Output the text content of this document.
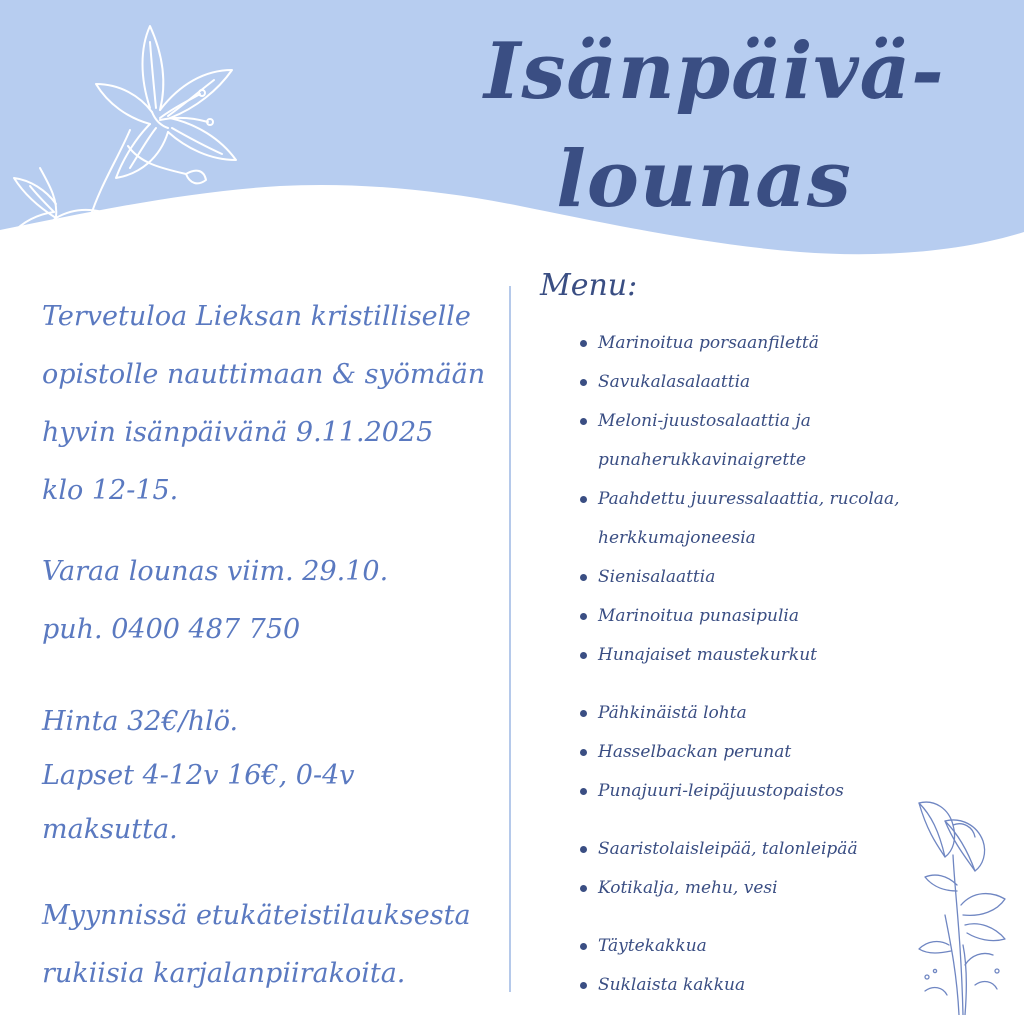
Isänpäivä-
lounas

Tervetuloa Lieksan kristilliselle
opistolle nauttimaan & syömään
hyvin isänpäivänä 9.11.2025
klo 12-15.

Varaa lounas viim. 29.10.
puh. 0400 487 750

Hinta 32€/hlö.
Lapset 4-12v 16€, 0-4v maksutta.

Myynnissä etukäteistilauksesta
rukiisia karjalanpiirakoita.

Menu:
Marinoitua porsaanfilettä
Savukalasalaattia
Meloni-juustosalaattia ja
punaherukkavinaigrette
Paahdettu juuressalaattia, rucolaa,
herkkumajoneesia
Sienisalaattia
Marinoitua punasipulia
Hunajaiset maustekurkut
Pähkinäistä lohta
Hasselbackan perunat
Punajuuri-leipäjuustopaistos
Saaristolaisleipää, talonleipää
Kotikalja, mehu, vesi
Täytekakkua
Suklaista kakkua
